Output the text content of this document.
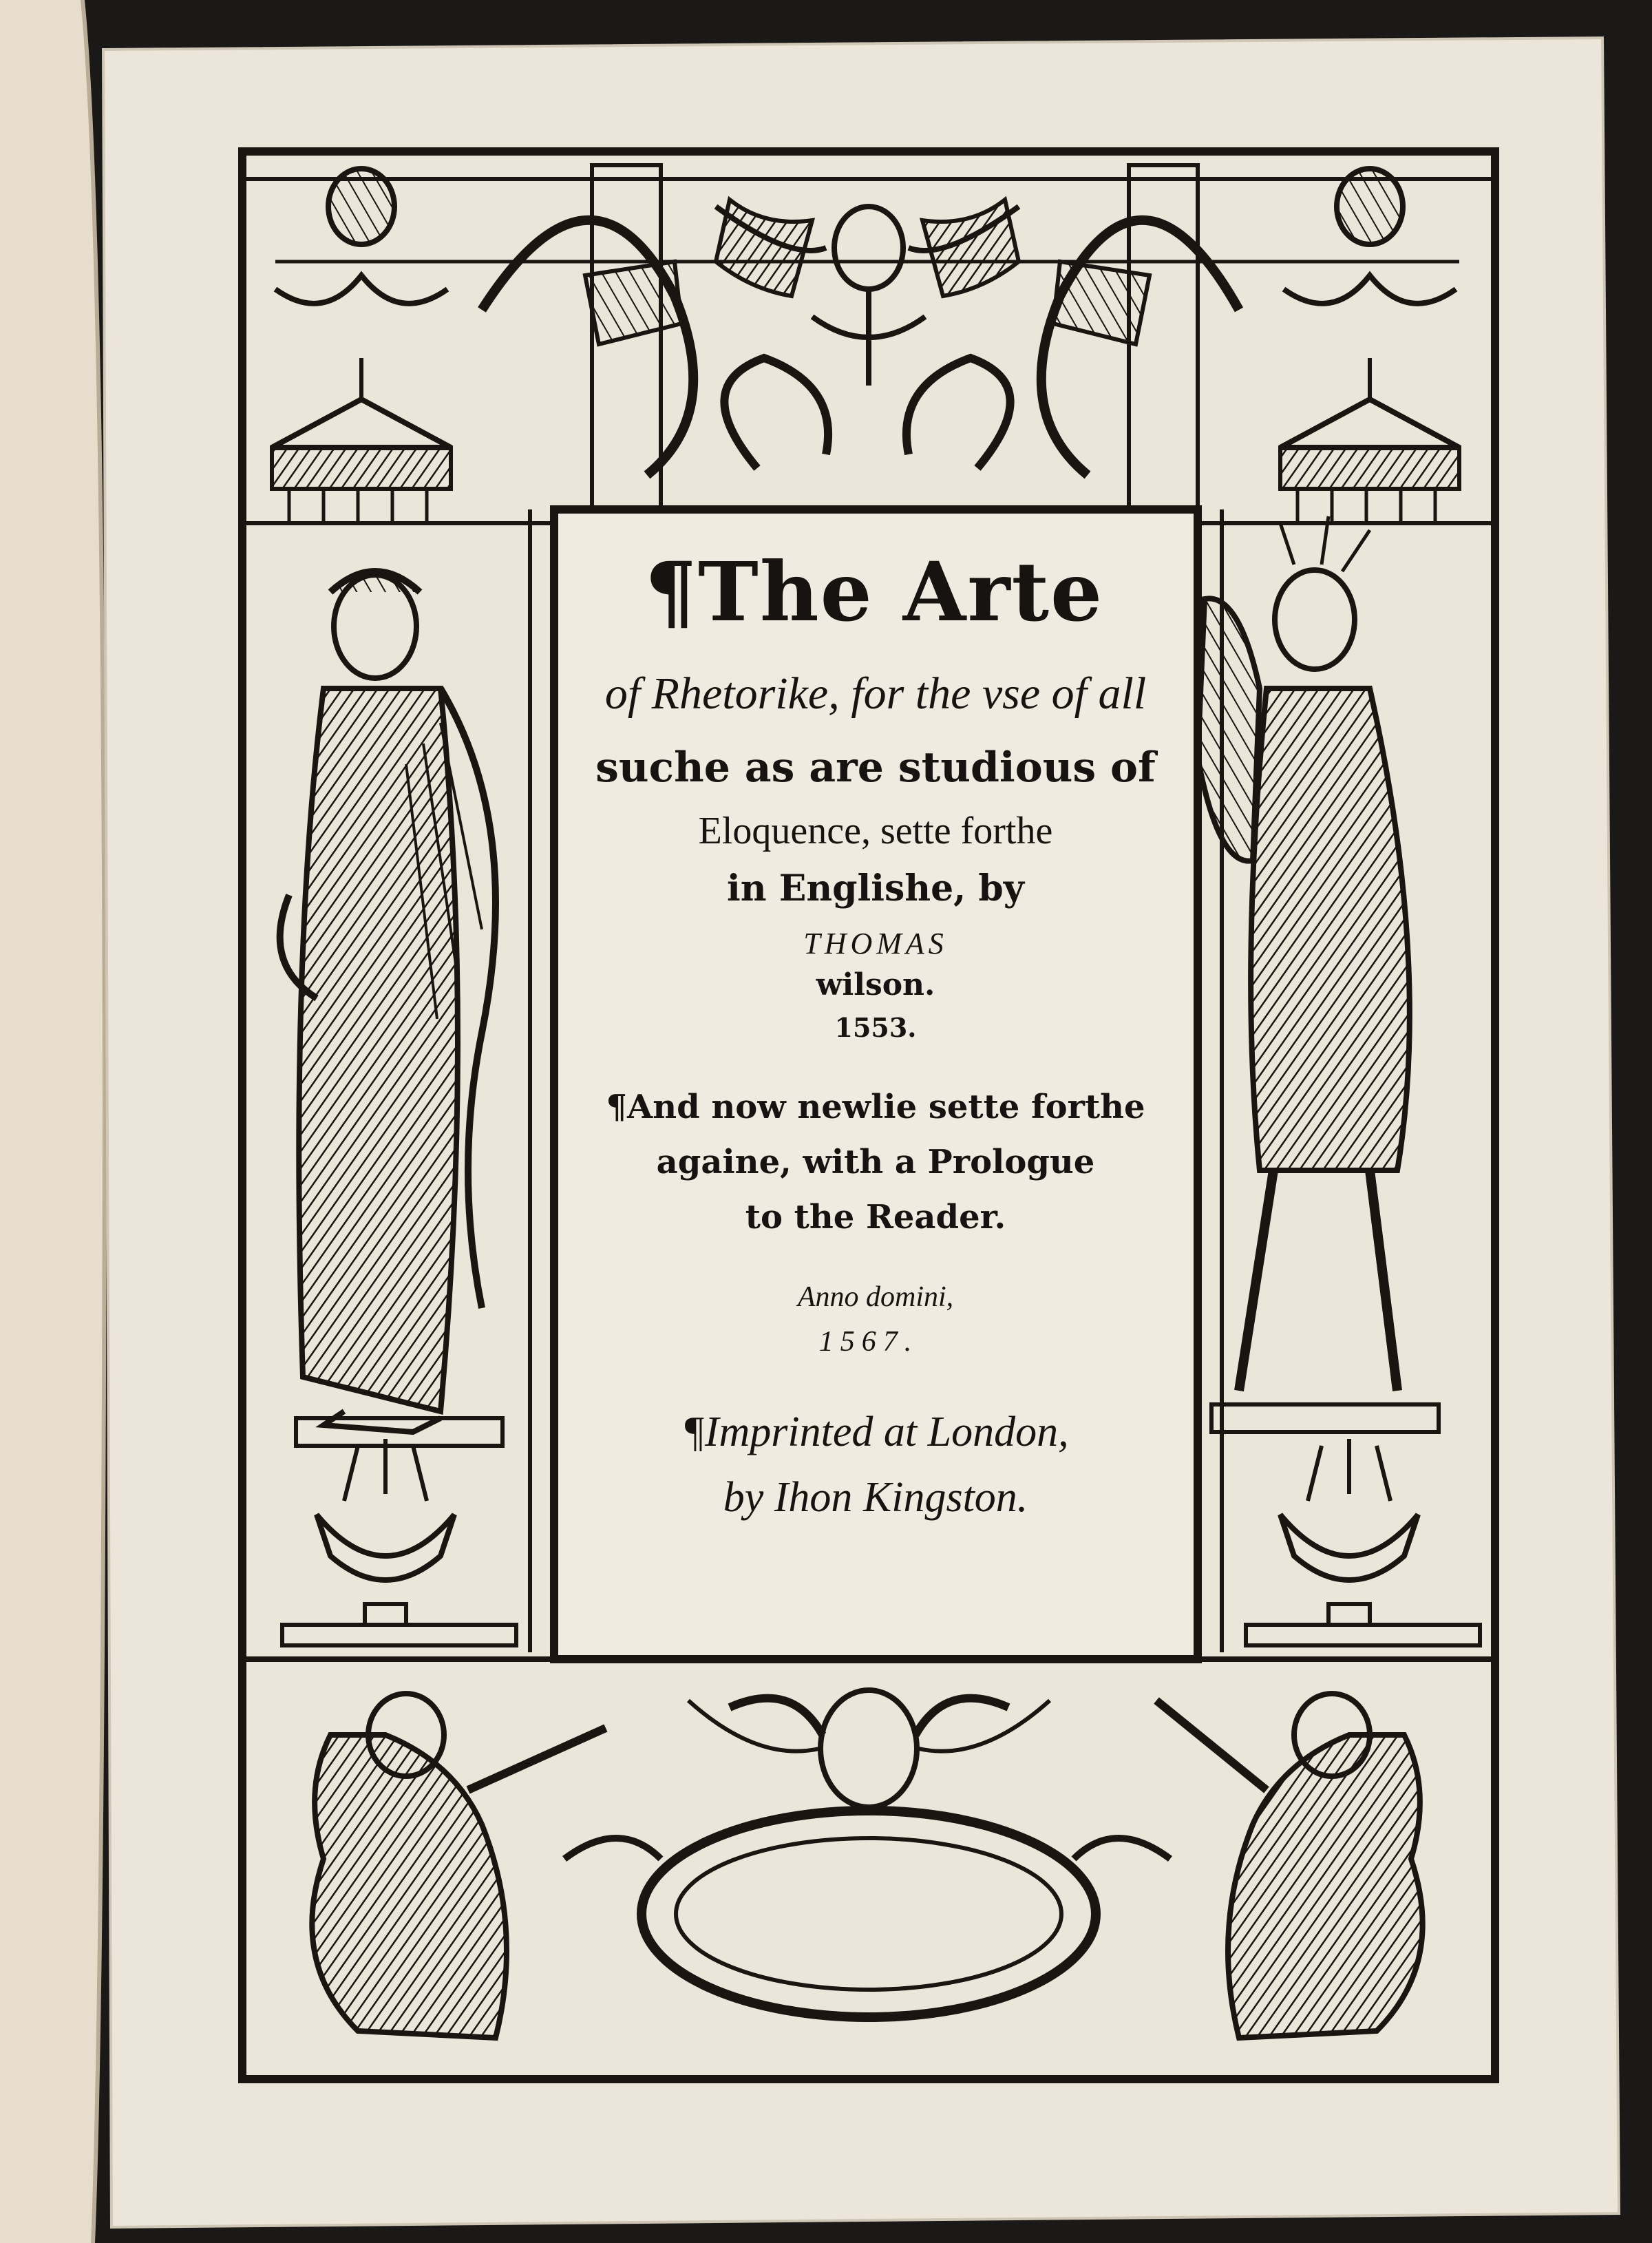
¶The Arte
of Rhetorike, for the vse of all
suche as are studious of
Eloquence, sette forthe
in Englishe, by
THOMAS
wilson.
1553.
¶And now newlie sette forthe
againe, with a Prologue
to the Reader.
Anno domini,
1567.
¶Imprinted at London,
by Ihon Kingston.
